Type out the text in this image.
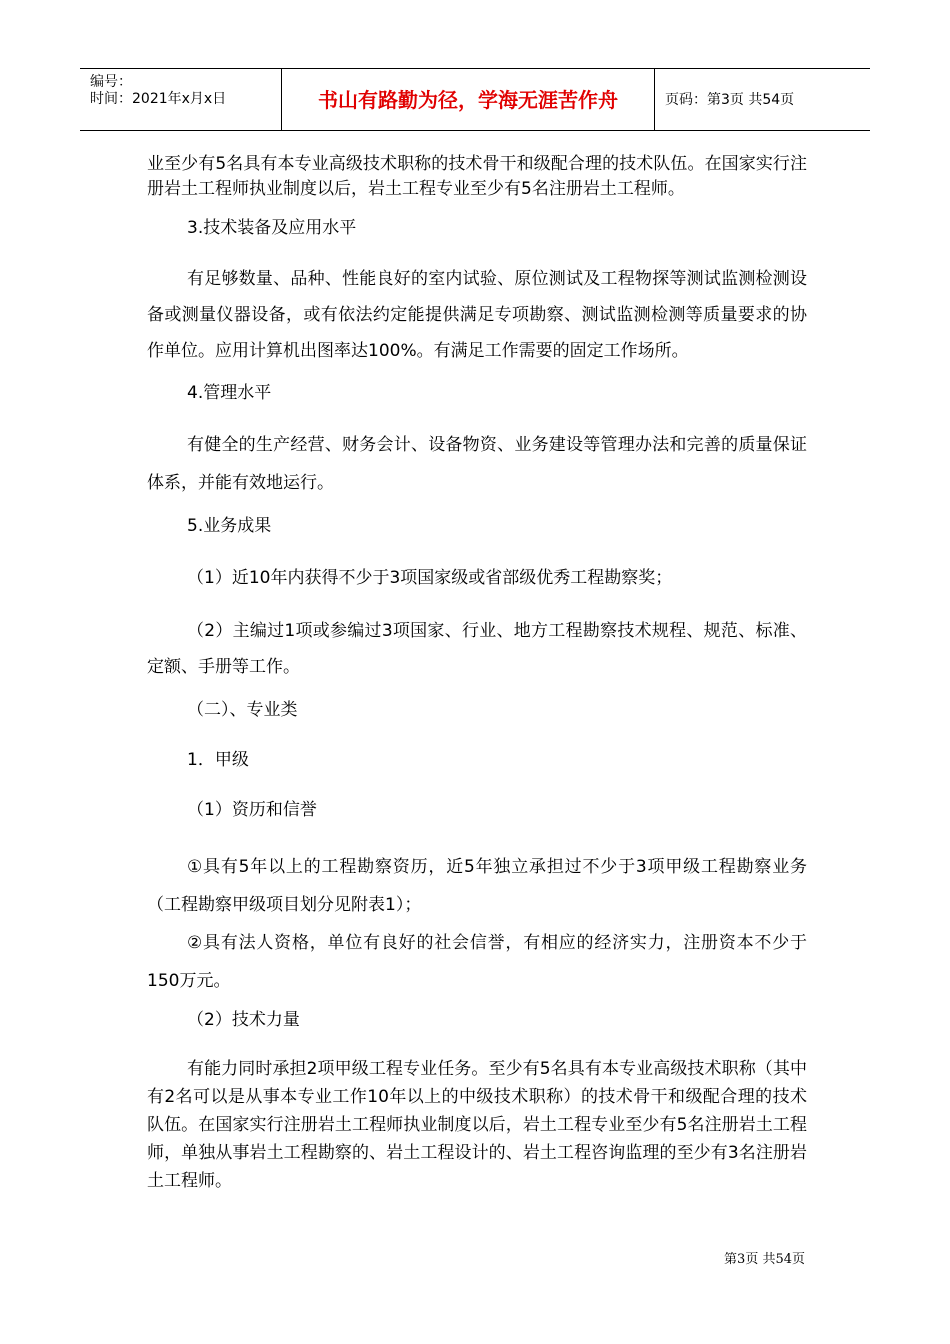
编号：
时间：2021年x月x日	书山有路勤为径，学海无涯苦作舟	页码：第3页 共54页
业至少有5名具有本专业高级技术职称的技术骨干和级配合理的技术队伍。在国家实行注册岩土工程师执业制度以后，岩土工程专业至少有5名注册岩土工程师。
3.技术装备及应用水平
有足够数量、品种、性能良好的室内试验、原位测试及工程物探等测试监测检测设备或测量仪器设备，或有依法约定能提供满足专项勘察、测试监测检测等质量要求的协作单位。应用计算机出图率达100%。有满足工作需要的固定工作场所。
4.管理水平
有健全的生产经营、财务会计、设备物资、业务建设等管理办法和完善的质量保证体系，并能有效地运行。
5.业务成果
（1）近10年内获得不少于3项国家级或省部级优秀工程勘察奖；
（2）主编过1项或参编过3项国家、行业、地方工程勘察技术规程、规范、标准、定额、手册等工作。
（二）、专业类
1．甲级
（1）资历和信誉
①具有5年以上的工程勘察资历，近5年独立承担过不少于3项甲级工程勘察业务（工程勘察甲级项目划分见附表1）；
②具有法人资格，单位有良好的社会信誉，有相应的经济实力，注册资本不少于150万元。
（2）技术力量
有能力同时承担2项甲级工程专业任务。至少有5名具有本专业高级技术职称（其中有2名可以是从事本专业工作10年以上的中级技术职称）的技术骨干和级配合理的技术队伍。在国家实行注册岩土工程师执业制度以后，岩土工程专业至少有5名注册岩土工程师，单独从事岩土工程勘察的、岩土工程设计的、岩土工程咨询监理的至少有3名注册岩土工程师。
第3页 共54页
